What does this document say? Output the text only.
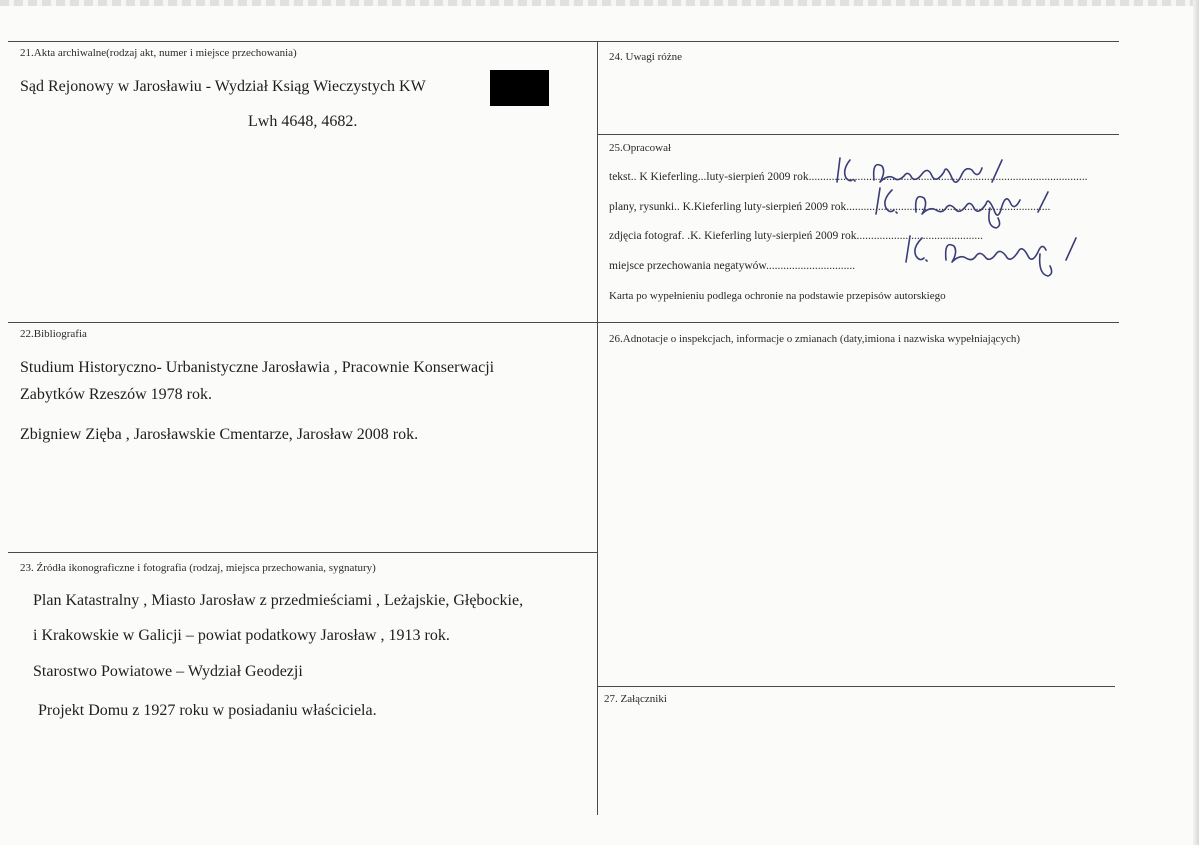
21.Akta archiwalne(rodzaj akt, numer i miejsce przechowania)
Sąd Rejonowy w Jarosławiu - Wydział Ksiąg Wieczystych KW
Lwh 4648, 4682.
24. Uwagi różne
25.Opracował
tekst.. K Kieferling...luty-sierpień 2009 rok.................................................................................................
plany, rysunki.. K.Kieferling luty-sierpień 2009 rok.......................................................................
zdjęcia fotograf. .K. Kieferling luty-sierpień 2009 rok............................................
miejsce przechowania negatywów...............................
Karta po wypełnieniu podlega ochronie na podstawie przepisów autorskiego
22.Bibliografia
Studium Historyczno- Urbanistyczne Jarosławia , Pracownie Konserwacji
Zabytków Rzeszów 1978 rok.
Zbigniew Zięba , Jarosławskie Cmentarze, Jarosław 2008 rok.
26.Adnotacje o inspekcjach, informacje o zmianach (daty,imiona i nazwiska wypełniających)
23. Źródła ikonograficzne i fotografia (rodzaj, miejsca przechowania, sygnatury)
Plan Katastralny , Miasto Jarosław z przedmieściami , Leżajskie, Głębockie,
i Krakowskie w Galicji – powiat podatkowy Jarosław , 1913 rok.
Starostwo Powiatowe – Wydział Geodezji
Projekt Domu z 1927 roku w posiadaniu właściciela.
27. Załączniki
